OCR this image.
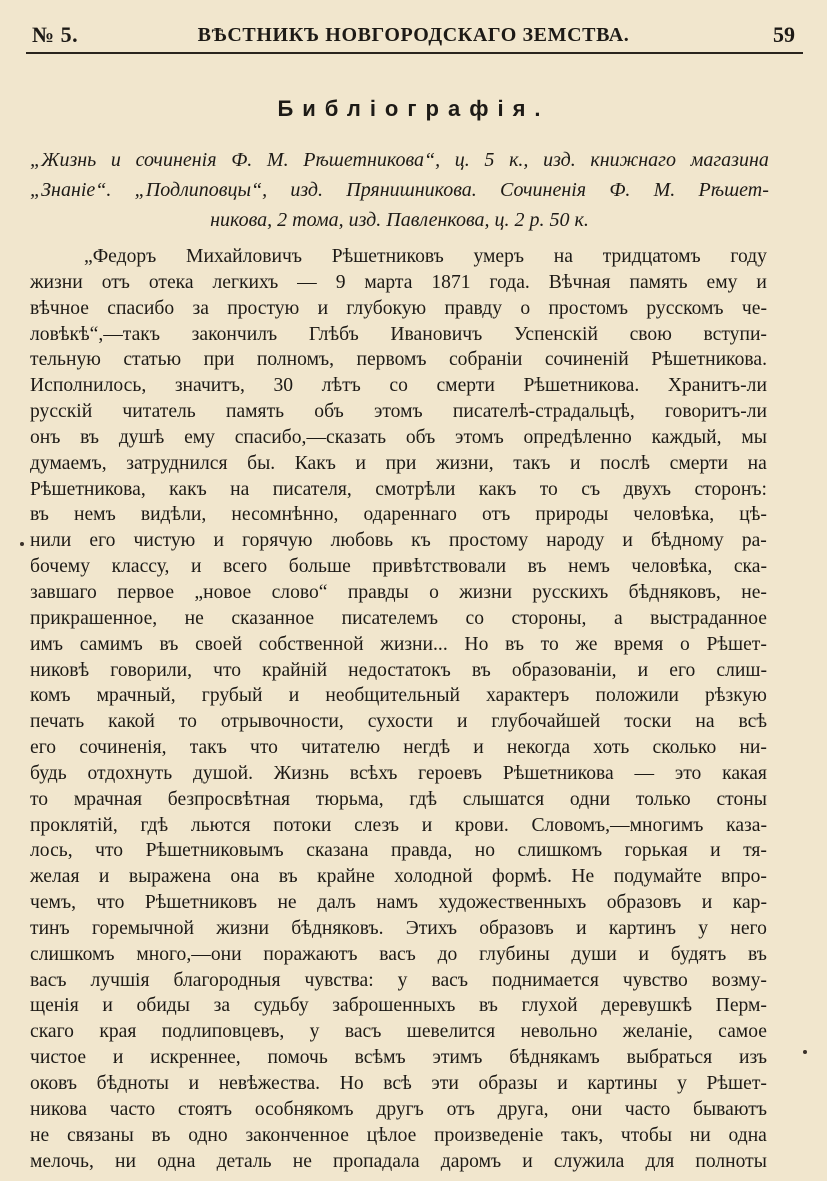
№ 5.	ВѢСТНИКЪ НОВГОРОДСКАГО ЗЕМСТВА.	59
Библіографія.
„Жизнь и сочиненія Ф. М. Рѣшетникова“, ц. 5 к., изд. книжнаго магазина
„Знаніе“. „Подлиповцы“, изд. Прянишникова. Сочиненія Ф. М. Рѣшет-
никова, 2 тома, изд. Павленкова, ц. 2 р. 50 к.
„Федоръ Михайловичъ Рѣшетниковъ умеръ на тридцатомъ году
жизни отъ отека легкихъ — 9 марта 1871 года. Вѣчная память ему и
вѣчное спасибо за простую и глубокую правду о простомъ русскомъ че-
ловѣкѣ“,—такъ закончилъ Глѣбъ Ивановичъ Успенскій свою вступи-
тельную статью при полномъ, первомъ собраніи сочиненій Рѣшетникова.
Исполнилось, значитъ, 30 лѣтъ со смерти Рѣшетникова. Хранитъ-ли
русскій читатель память объ этомъ писателѣ-страдальцѣ, говоритъ-ли
онъ въ душѣ ему спасибо,—сказать объ этомъ опредѣленно каждый, мы
думаемъ, затруднился бы. Какъ и при жизни, такъ и послѣ смерти на
Рѣшетникова, какъ на писателя, смотрѣли какъ то съ двухъ сторонъ:
въ немъ видѣли, несомнѣнно, одареннаго отъ природы человѣка, цѣ-
нили его чистую и горячую любовь къ простому народу и бѣдному ра-
бочему классу, и всего больше привѣтствовали въ немъ человѣка, ска-
завшаго первое „новое слово“ правды о жизни русскихъ бѣдняковъ, не-
прикрашенное, не сказанное писателемъ со стороны, а выстраданное
имъ самимъ въ своей собственной жизни... Но въ то же время о Рѣшет-
никовѣ говорили, что крайній недостатокъ въ образованіи, и его слиш-
комъ мрачный, грубый и необщительный характеръ положили рѣзкую
печать какой то отрывочности, сухости и глубочайшей тоски на всѣ
его сочиненія, такъ что читателю негдѣ и некогда хоть сколько ни-
будь отдохнуть душой. Жизнь всѣхъ героевъ Рѣшетникова — это какая
то мрачная безпросвѣтная тюрьма, гдѣ слышатся одни только стоны
проклятій, гдѣ льются потоки слезъ и крови. Словомъ,—многимъ каза-
лось, что Рѣшетниковымъ сказана правда, но слишкомъ горькая и тя-
желая и выражена она въ крайне холодной формѣ. Не подумайте впро-
чемъ, что Рѣшетниковъ не далъ намъ художественныхъ образовъ и кар-
тинъ горемычной жизни бѣдняковъ. Этихъ образовъ и картинъ у него
слишкомъ много,—они поражаютъ васъ до глубины души и будятъ въ
васъ лучшія благородныя чувства: у васъ поднимается чувство возму-
щенія и обиды за судьбу заброшенныхъ въ глухой деревушкѣ Перм-
скаго края подлиповцевъ, у васъ шевелится невольно желаніе, самое
чистое и искреннее, помочь всѣмъ этимъ бѣднякамъ выбраться изъ
оковъ бѣдноты и невѣжества. Но всѣ эти образы и картины у Рѣшет-
никова часто стоятъ особнякомъ другъ отъ друга, они часто бываютъ
не связаны въ одно законченное цѣлое произведеніе такъ, чтобы ни одна
мелочь, ни одна деталь не пропадала даромъ и служила для полноты
